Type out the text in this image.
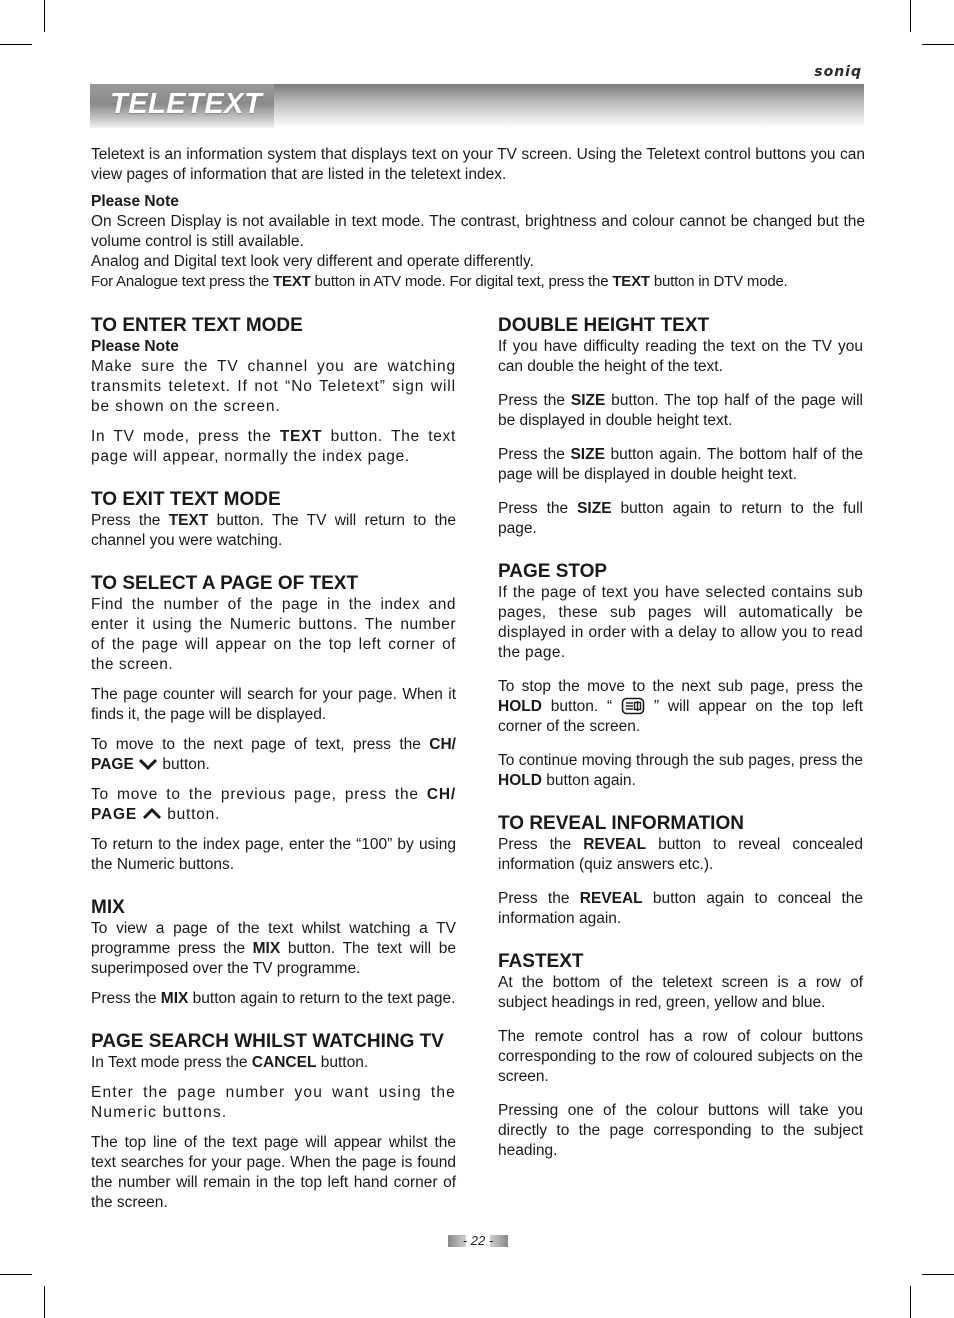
soniq
TELETEXT

Teletext is an information system that displays text on your TV screen. Using the Teletext control buttons you can view pages of information that are listed in the teletext index.

Please Note

On Screen Display is not available in text mode. The contrast, brightness and colour cannot be changed but the volume control is still available.

Analog and Digital text look very different and operate differently.

For Analogue text press the TEXT button in ATV mode. For digital text, press the TEXT button in DTV mode.

TO ENTER TEXT MODE
Please Note

Make sure the TV channel you are watching transmits teletext. If not “No Teletext” sign will be shown on the screen.

In TV mode, press the TEXT button. The text page will appear, normally the index page.

TO EXIT TEXT MODE

Press the TEXT button. The TV will return to the channel you were watching.

TO SELECT A PAGE OF TEXT

Find the number of the page in the index and enter it using the Numeric buttons. The number of the page will appear on the top left corner of the screen.

The page counter will search for your page. When it finds it, the page will be displayed.

To move to the next page of text, press the CH/ PAGE  button.

To move to the previous page, press the CH/ PAGE  button.

To return to the index page, enter the “100” by using the Numeric buttons.

MIX

To view a page of the text whilst watching a TV programme press the MIX button. The text will be superimposed over the TV programme.

Press the MIX button again to return to the text page.

PAGE SEARCH WHILST WATCHING TV

In Text mode press the CANCEL button.

Enter the page number you want using the Numeric buttons.

The top line of the text page will appear whilst the text searches for your page. When the page is found the number will remain in the top left hand corner of the screen.

DOUBLE HEIGHT TEXT

If you have difficulty reading the text on the TV you can double the height of the text.

Press the SIZE button. The top half of the page will be displayed in double height text.

Press the SIZE button again. The bottom half of the page will be displayed in double height text.

Press the SIZE button again to return to the full page.

PAGE STOP

If the page of text you have selected contains sub pages, these sub pages will automatically be displayed in order with a delay to allow you to read the page.

To stop the move to the next sub page, press the HOLD button. “  ” will appear on the top left corner of the screen.

To continue moving through the sub pages, press the HOLD button again.

TO REVEAL INFORMATION

Press the REVEAL button to reveal concealed information (quiz answers etc.).

Press the REVEAL button again to conceal the information again.

FASTEXT

At the bottom of the teletext screen is a row of subject headings in red, green, yellow and blue.

The remote control has a row of colour buttons corresponding to the row of coloured subjects on the screen.

Pressing one of the colour buttons will take you directly to the page corresponding to the subject heading.

- 22 -
